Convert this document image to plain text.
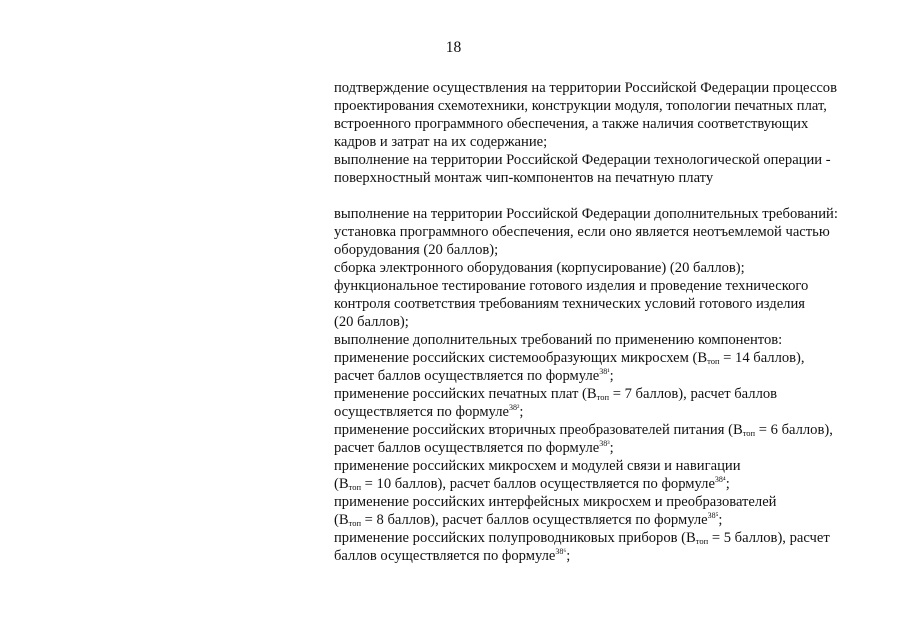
18
подтверждение осуществления на территории Российской Федерации процессов
проектирования схемотехники, конструкции модуля, топологии печатных плат,
встроенного программного обеспечения, а также наличия соответствующих
кадров и затрат на их содержание;
выполнение на территории Российской Федерации технологической операции -
поверхностный монтаж чип-компонентов на печатную плату
выполнение на территории Российской Федерации дополнительных требований:
установка программного обеспечения, если оно является неотъемлемой частью
оборудования (20 баллов);
сборка электронного оборудования (корпусирование) (20 баллов);
функциональное тестирование готового изделия и проведение технического
контроля соответствия требованиям технических условий готового изделия
(20 баллов);
выполнение дополнительных требований по применению компонентов:
применение российских системообразующих микросхем ($В_{топ} = 14$ баллов),
расчет баллов осуществляется по формуле$^{38^1}$;
применение российских печатных плат ($В_{топ} = 7$ баллов), расчет баллов
осуществляется по формуле$^{38^2}$;
применение российских вторичных преобразователей питания ($В_{топ} = 6$ баллов),
расчет баллов осуществляется по формуле$^{38^3}$;
применение российских микросхем и модулей связи и навигации
($В_{топ} = 10$ баллов), расчет баллов осуществляется по формуле$^{38^4}$;
применение российских интерфейсных микросхем и преобразователей
($В_{топ} = 8$ баллов), расчет баллов осуществляется по формуле$^{38^5}$;
применение российских полупроводниковых приборов ($В_{топ} = 5$ баллов), расчет
баллов осуществляется по формуле$^{38^6}$;
